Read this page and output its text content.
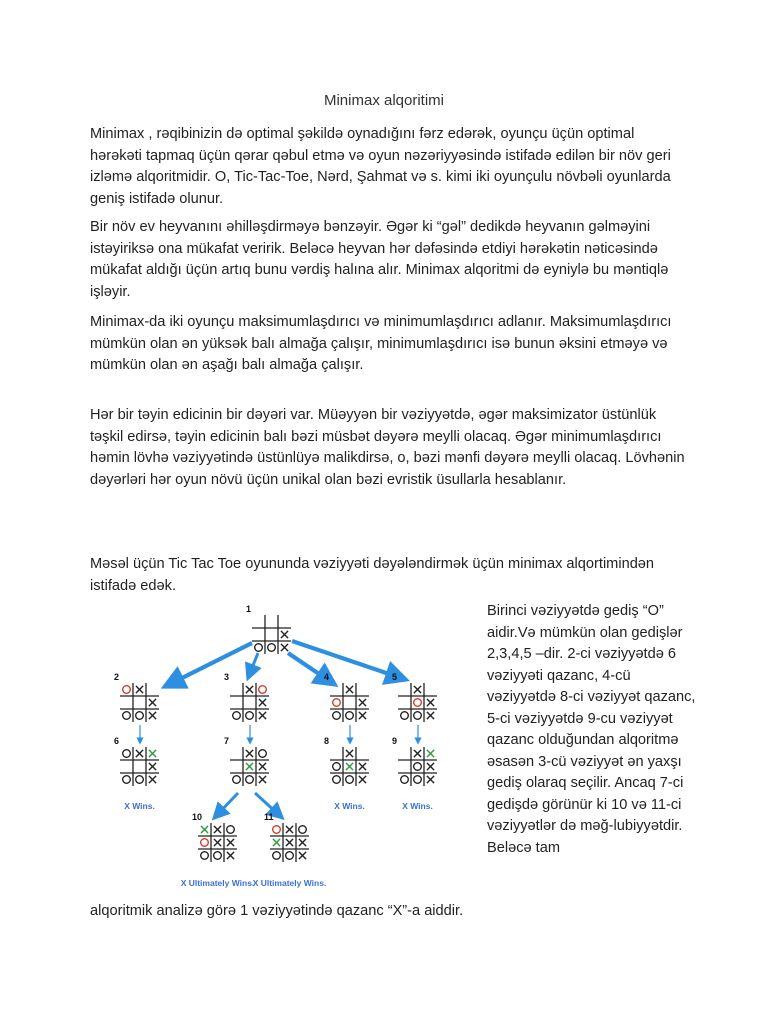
Minimax alqoritimi

Minimax , rəqibinizin də optimal şəkildə oynadığını fərz edərək, oyunçu üçün optimal hərəkəti tapmaq üçün qərar qəbul etmə və oyun nəzəriyyəsində istifadə edilən bir növ geri izləmə alqoritmidir. O, Tic-Tac-Toe, Nərd, Şahmat və s. kimi iki oyunçulu növbəli oyunlarda geniş istifadə olunur.

Bir növ ev heyvanını əhilləşdirməyə bənzəyir. Əgər ki “gəl” dedikdə heyvanın gəlməyini istəyiriksə ona mükafat veririk. Beləcə heyvan hər dəfəsində etdiyi hərəkətin nəticəsində mükafat aldığı üçün artıq bunu vərdiş halına alır. Minimax alqoritmi də eyniylə bu məntiqlə işləyir.

Minimax-da iki oyunçu maksimumlaşdırıcı və minimumlaşdırıcı adlanır. Maksimumlaşdırıcı mümkün olan ən yüksək balı almağa çalışır, minimumlaşdırıcı isə bunun əksini etməyə və mümkün olan ən aşağı balı almağa çalışır.

Hər bir təyin edicinin bir dəyəri var. Müəyyən bir vəziyyətdə, əgər maksimizator üstünlük təşkil edirsə, təyin edicinin balı bəzi müsbət dəyərə meylli olacaq. Əgər minimumlaşdırıcı həmin lövhə vəziyyətində üstünlüyə malikdirsə, o, bəzi mənfi dəyərə meylli olacaq. Lövhənin dəyərləri hər oyun növü üçün unikal olan bəzi evristik üsullarla hesablanır.

Məsəl üçün Tic Tac Toe oyununda vəziyyəti dəyələndirmək üçün minimax alqortimindən istifadə edək.

1
2	3	4	5
6
X Wins.
7	8
X Wins.
9
X Wins.
10
X Ultimately Wins.
11
X Ultimately Wins.

Birinci vəziyyətdə gediş “O” aidir.Və mümkün olan gedişlər 2,3,4,5 –dir. 2-ci vəziyyətdə 6 vəziyyəti qazanc, 4-cü vəziyyətdə 8-ci vəziyyət qazanc, 5-ci vəziyyətdə 9-cu vəziyyət qazanc olduğundan alqoritmə əsasən 3-cü vəziyyət ən yaxşı gediş olaraq seçilir. Ancaq 7-ci gedişdə görünür ki 10 və 11-ci vəziyyətlər də məğ-lubiyyətdir. Beləcə tam

alqoritmik analizə görə 1 vəziyyətində qazanc “X”-a aiddir.
